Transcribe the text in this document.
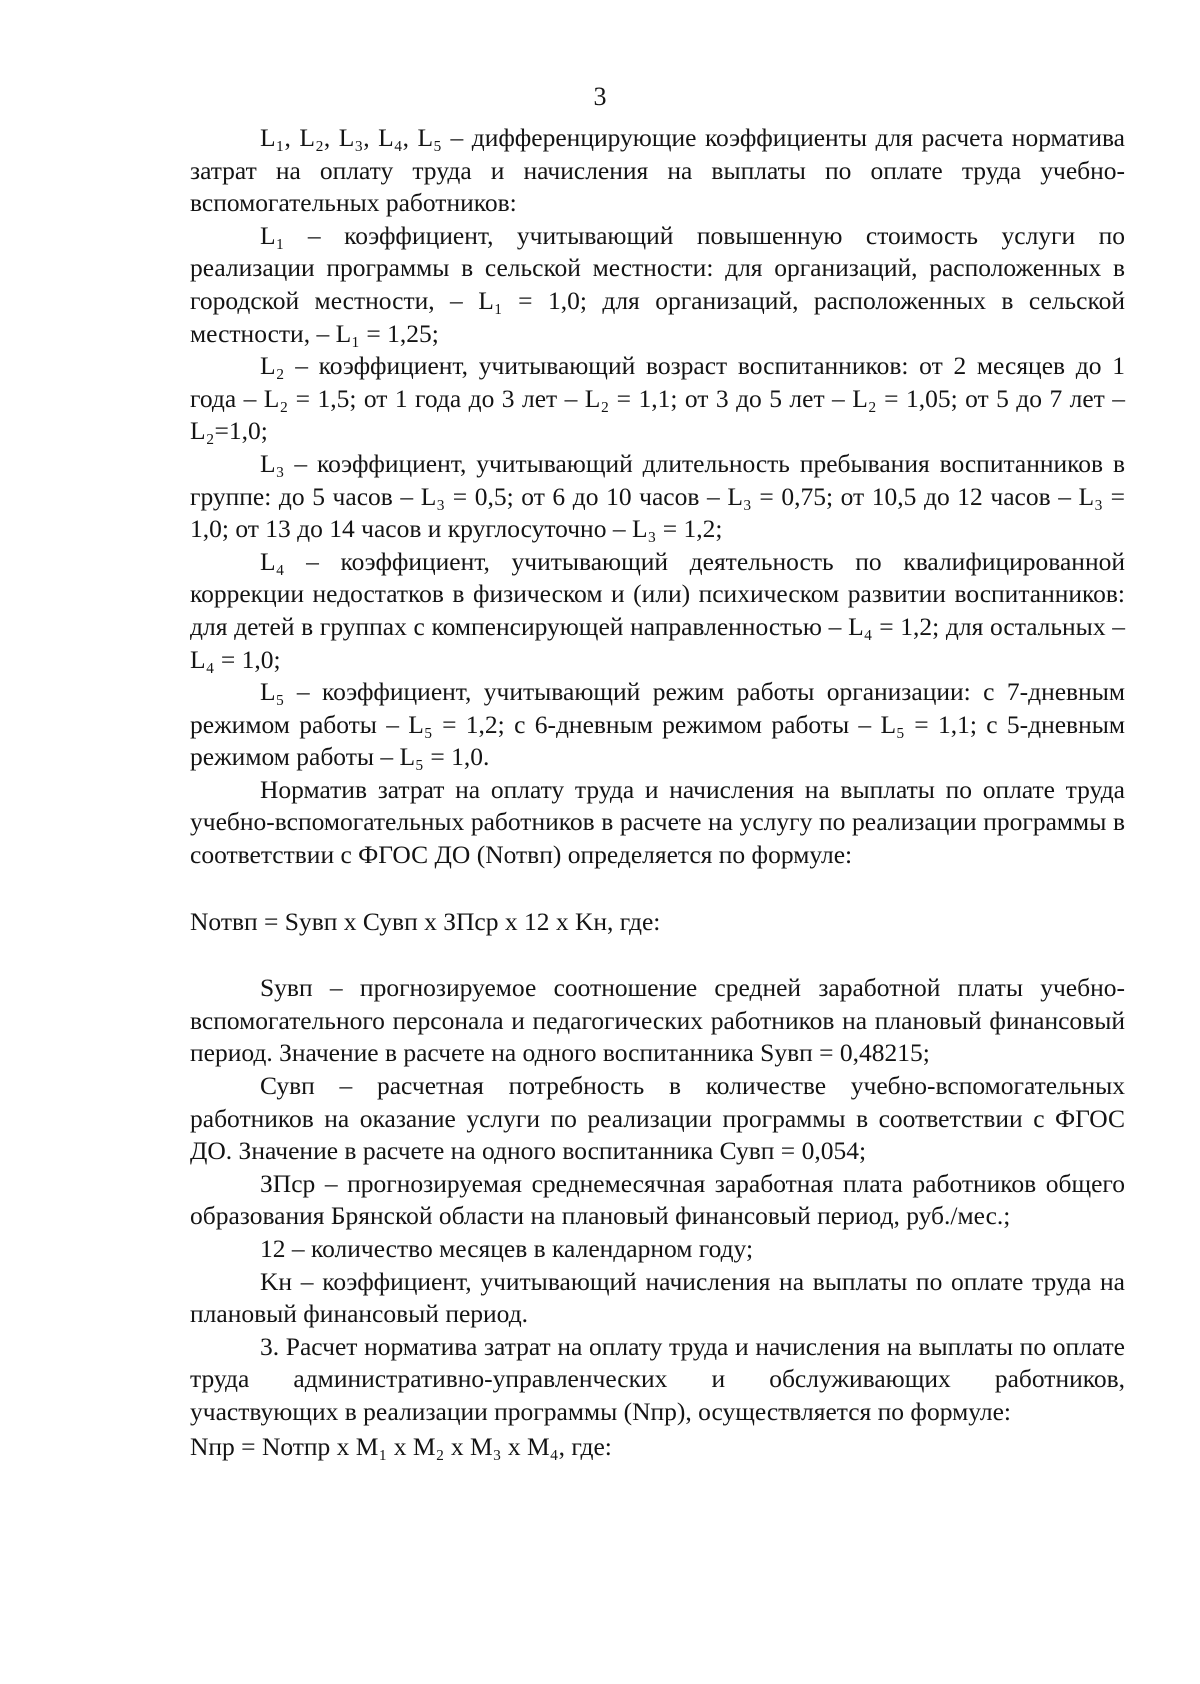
3

L₁, L₂, L₃, L₄, L₅ – дифференцирующие коэффициенты для расчета норматива затрат на оплату труда и начисления на выплаты по оплате труда учебно-вспомогательных работников:

L₁ – коэффициент, учитывающий повышенную стоимость услуги по реализации программы в сельской местности: для организаций, расположенных в городской местности, – L₁ = 1,0; для организаций, расположенных в сельской местности, – L₁ = 1,25;

L₂ – коэффициент, учитывающий возраст воспитанников: от 2 месяцев до 1 года – L₂ = 1,5; от 1 года до 3 лет – L₂ = 1,1; от 3 до 5 лет – L₂ = 1,05; от 5 до 7 лет – L₂=1,0;

L₃ – коэффициент, учитывающий длительность пребывания воспитанников в группе: до 5 часов – L₃ = 0,5; от 6 до 10 часов – L₃ = 0,75; от 10,5 до 12 часов – L₃ = 1,0; от 13 до 14 часов и круглосуточно – L₃ = 1,2;

L₄ – коэффициент, учитывающий деятельность по квалифицированной коррекции недостатков в физическом и (или) психическом развитии воспитанников: для детей в группах с компенсирующей направленностью – L₄ = 1,2; для остальных – L₄ = 1,0;

L₅ – коэффициент, учитывающий режим работы организации: с 7-дневным режимом работы – L₅ = 1,2; с 6-дневным режимом работы – L₅ = 1,1; с 5-дневным режимом работы – L₅ = 1,0.

Норматив затрат на оплату труда и начисления на выплаты по оплате труда учебно-вспомогательных работников в расчете на услугу по реализации программы в соответствии с ФГОС ДО (Nотвп) определяется по формуле:

Nотвп = Sувп х Сувп х ЗПср х 12 х Kн, где:

Sувп – прогнозируемое соотношение средней заработной платы учебно-вспомогательного персонала и педагогических работников на плановый финансовый период. Значение в расчете на одного воспитанника Sувп = 0,48215;

Сувп – расчетная потребность в количестве учебно-вспомогательных работников на оказание услуги по реализации программы в соответствии с ФГОС ДО. Значение в расчете на одного воспитанника Сувп = 0,054;

ЗПср – прогнозируемая среднемесячная заработная плата работников общего образования Брянской области на плановый финансовый период, руб./мес.;

12 – количество месяцев в календарном году;

Kн – коэффициент, учитывающий начисления на выплаты по оплате труда на плановый финансовый период.

3. Расчет норматива затрат на оплату труда и начисления на выплаты по оплате труда административно-управленческих и обслуживающих работников, участвующих в реализации программы (Nпр), осуществляется по формуле:

Nпр = Nотпр х M₁ х M₂ х M₃ х M₄, где:
